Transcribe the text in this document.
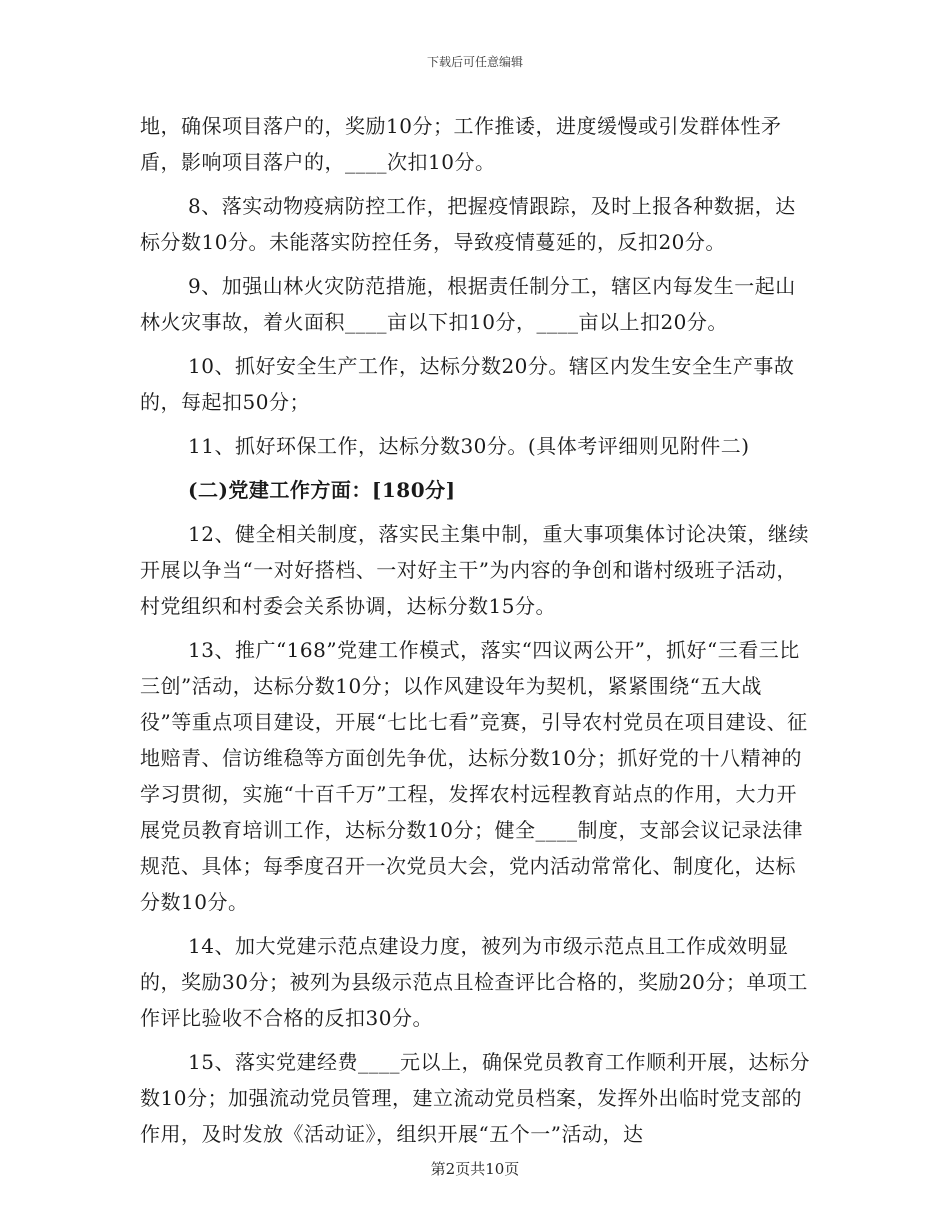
下载后可任意编辑

地，确保项目落户的，奖励10分；工作推诿，进度缓慢或引发群体性矛盾，影响项目落户的，____次扣10分。

8、落实动物疫病防控工作，把握疫情跟踪，及时上报各种数据，达标分数10分。未能落实防控任务，导致疫情蔓延的，反扣20分。

9、加强山林火灾防范措施，根据责任制分工，辖区内每发生一起山林火灾事故，着火面积____亩以下扣10分，____亩以上扣20分。

10、抓好安全生产工作，达标分数20分。辖区内发生安全生产事故的，每起扣50分；

11、抓好环保工作，达标分数30分。(具体考评细则见附件二)

(二)党建工作方面：[180分]

12、健全相关制度，落实民主集中制，重大事项集体讨论决策，继续开展以争当“一对好搭档、一对好主干”为内容的争创和谐村级班子活动，村党组织和村委会关系协调，达标分数15分。

13、推广“168”党建工作模式，落实“四议两公开”，抓好“三看三比三创”活动，达标分数10分；以作风建设年为契机，紧紧围绕“五大战役”等重点项目建设，开展“七比七看”竞赛，引导农村党员在项目建设、征地赔青、信访维稳等方面创先争优，达标分数10分；抓好党的十八精神的学习贯彻，实施“十百千万”工程，发挥农村远程教育站点的作用，大力开展党员教育培训工作，达标分数10分；健全____制度，支部会议记录法律规范、具体；每季度召开一次党员大会，党内活动常常化、制度化，达标分数10分。

14、加大党建示范点建设力度，被列为市级示范点且工作成效明显的，奖励30分；被列为县级示范点且检查评比合格的，奖励20分；单项工作评比验收不合格的反扣30分。

15、落实党建经费____元以上，确保党员教育工作顺利开展，达标分数10分；加强流动党员管理，建立流动党员档案，发挥外出临时党支部的作用，及时发放《活动证》，组织开展“五个一”活动，达

第2页共10页
